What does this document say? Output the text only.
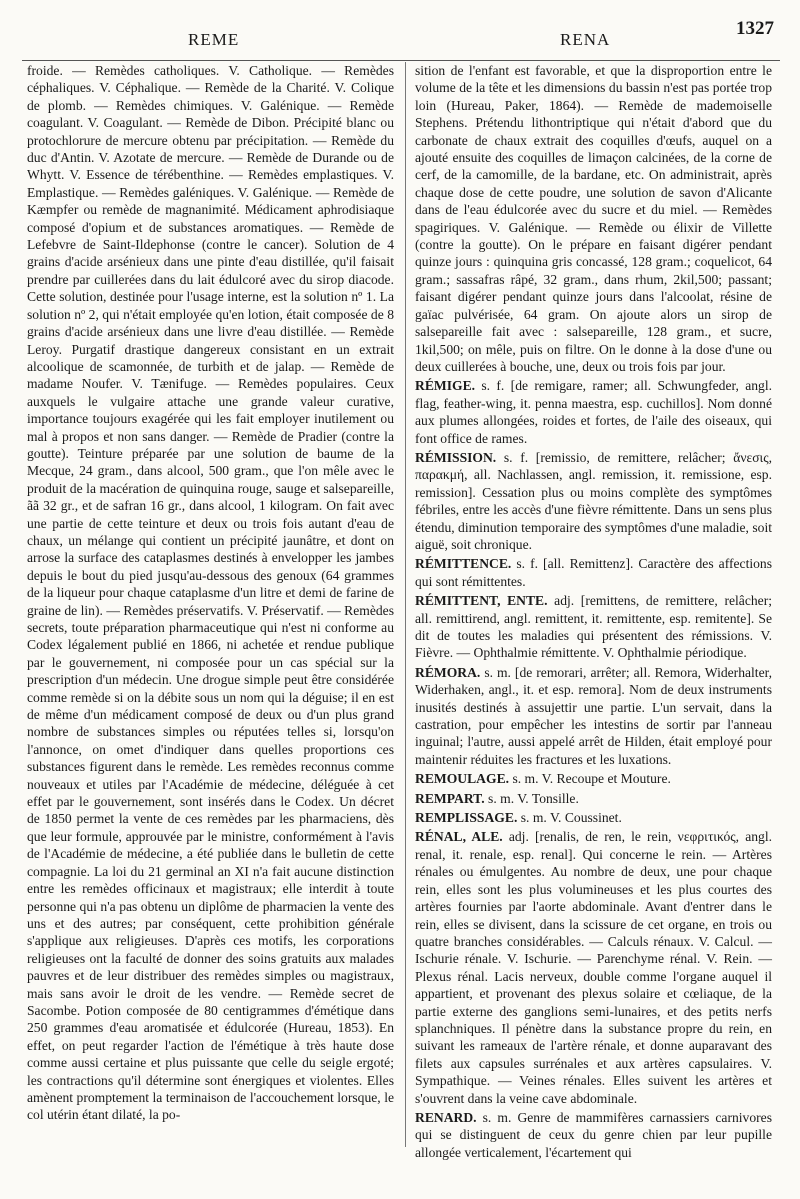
REME	RENA
1327

froide. — Remèdes catholiques. V. Catholique. — Remèdes céphaliques. V. Céphalique. — Remède de la Charité. V. Colique de plomb. — Remèdes chimiques. V. Galénique. — Remède coagulant. V. Coagulant. — Remède de Dibon. Précipité blanc ou protochlorure de mercure obtenu par précipitation. — Remède du duc d'Antin. V. Azotate de mercure. — Remède de Durande ou de Whytt. V. Essence de térébenthine. — Remèdes emplastiques. V. Emplastique. — Remèdes galéniques. V. Galénique. — Remède de Kæmpfer ou remède de magnanimité. Médicament aphrodisiaque composé d'opium et de substances aromatiques. — Remède de Lefebvre de Saint-Ildephonse (contre le cancer). Solution de 4 grains d'acide arsénieux dans une pinte d'eau distillée, qu'il faisait prendre par cuillerées dans du lait édulcoré avec du sirop diacode. Cette solution, destinée pour l'usage interne, est la solution nº 1. La solution nº 2, qui n'était employée qu'en lotion, était composée de 8 grains d'acide arsénieux dans une livre d'eau distillée. — Remède Leroy. Purgatif drastique dangereux consistant en un extrait alcoolique de scamonnée, de turbith et de jalap. — Remède de madame Noufer. V. Tænifuge. — Remèdes populaires. Ceux auxquels le vulgaire attache une grande valeur curative, importance toujours exagérée qui les fait employer inutilement ou mal à propos et non sans danger. — Remède de Pradier (contre la goutte). Teinture préparée par une solution de baume de la Mecque, 24 gram., dans alcool, 500 gram., que l'on mêle avec le produit de la macération de quinquina rouge, sauge et salsepareille, ãã 32 gr., et de safran 16 gr., dans alcool, 1 kilogram. On fait avec une partie de cette teinture et deux ou trois fois autant d'eau de chaux, un mélange qui contient un précipité jaunâtre, et dont on arrose la surface des cataplasmes destinés à envelopper les jambes depuis le bout du pied jusqu'au-dessous des genoux (64 grammes de la liqueur pour chaque cataplasme d'un litre et demi de farine de graine de lin). — Remèdes préservatifs. V. Préservatif. — Remèdes secrets, toute préparation pharmaceutique qui n'est ni conforme au Codex légalement publié en 1866, ni achetée et rendue publique par le gouvernement, ni composée pour un cas spécial sur la prescription d'un médecin. Une drogue simple peut être considérée comme remède si on la débite sous un nom qui la déguise; il en est de même d'un médicament composé de deux ou d'un plus grand nombre de substances simples ou réputées telles si, lorsqu'on l'annonce, on omet d'indiquer dans quelles proportions ces substances figurent dans le remède. Les remèdes reconnus comme nouveaux et utiles par l'Académie de médecine, déléguée à cet effet par le gouvernement, sont insérés dans le Codex. Un décret de 1850 permet la vente de ces remèdes par les pharmaciens, dès que leur formule, approuvée par le ministre, conformément à l'avis de l'Académie de médecine, a été publiée dans le bulletin de cette compagnie. La loi du 21 germinal an XI n'a fait aucune distinction entre les remèdes officinaux et magistraux; elle interdit à toute personne qui n'a pas obtenu un diplôme de pharmacien la vente des uns et des autres; par conséquent, cette prohibition générale s'applique aux religieuses. D'après ces motifs, les corporations religieuses ont la faculté de donner des soins gratuits aux malades pauvres et de leur distribuer des remèdes simples ou magistraux, mais sans avoir le droit de les vendre. — Remède secret de Sacombe. Potion composée de 80 centigrammes d'émétique dans 250 grammes d'eau aromatisée et édulcorée (Hureau, 1853). En effet, on peut regarder l'action de l'émétique à très haute dose comme aussi certaine et plus puissante que celle du seigle ergoté; les contractions qu'il détermine sont énergiques et violentes. Elles amènent promptement la terminaison de l'accouchement lorsque, le col utérin étant dilaté, la po-

sition de l'enfant est favorable, et que la disproportion entre le volume de la tête et les dimensions du bassin n'est pas portée trop loin (Hureau, Paker, 1864). — Remède de mademoiselle Stephens. Prétendu lithontriptique qui n'était d'abord que du carbonate de chaux extrait des coquilles d'œufs, auquel on a ajouté ensuite des coquilles de limaçon calcinées, de la corne de cerf, de la camomille, de la bardane, etc. On administrait, après chaque dose de cette poudre, une solution de savon d'Alicante dans de l'eau édulcorée avec du sucre et du miel. — Remèdes spagiriques. V. Galénique. — Remède ou élixir de Villette (contre la goutte). On le prépare en faisant digérer pendant quinze jours : quinquina gris concassé, 128 gram.; coquelicot, 64 gram.; sassafras râpé, 32 gram., dans rhum, 2kil,500; passant; faisant digérer pendant quinze jours dans l'alcoolat, résine de gaïac pulvérisée, 64 gram. On ajoute alors un sirop de salsepareille fait avec : salsepareille, 128 gram., et sucre, 1kil,500; on mêle, puis on filtre. On le donne à la dose d'une ou deux cuillerées à bouche, une, deux ou trois fois par jour.

RÉMIGE. s. f. [de remigare, ramer; all. Schwungfeder, angl. flag, feather-wing, it. penna maestra, esp. cuchillos]. Nom donné aux plumes allongées, roides et fortes, de l'aile des oiseaux, qui font office de rames.

RÉMISSION. s. f. [remissio, de remittere, relâcher; ἄνεσις, παρακμή, all. Nachlassen, angl. remission, it. remissione, esp. remission]. Cessation plus ou moins complète des symptômes fébriles, entre les accès d'une fièvre rémittente. Dans un sens plus étendu, diminution temporaire des symptômes d'une maladie, soit aiguë, soit chronique.

RÉMITTENCE. s. f. [all. Remittenz]. Caractère des affections qui sont rémittentes.

RÉMITTENT, ENTE. adj. [remittens, de remittere, relâcher; all. remittirend, angl. remittent, it. remittente, esp. remitente]. Se dit de toutes les maladies qui présentent des rémissions. V. Fièvre. — Ophthalmie rémittente. V. Ophthalmie périodique.

RÉMORA. s. m. [de remorari, arrêter; all. Remora, Widerhalter, Widerhaken, angl., it. et esp. remora]. Nom de deux instruments inusités destinés à assujettir une partie. L'un servait, dans la castration, pour empêcher les intestins de sortir par l'anneau inguinal; l'autre, aussi appelé arrêt de Hilden, était employé pour maintenir réduites les fractures et les luxations.

REMOULAGE. s. m. V. Recoupe et Mouture.

REMPART. s. m. V. Tonsille.

REMPLISSAGE. s. m. V. Coussinet.

RÉNAL, ALE. adj. [renalis, de ren, le rein, νεφριτικός, angl. renal, it. renale, esp. renal]. Qui concerne le rein. — Artères rénales ou émulgentes. Au nombre de deux, une pour chaque rein, elles sont les plus volumineuses et les plus courtes des artères fournies par l'aorte abdominale. Avant d'entrer dans le rein, elles se divisent, dans la scissure de cet organe, en trois ou quatre branches considérables. — Calculs rénaux. V. Calcul. — Ischurie rénale. V. Ischurie. — Parenchyme rénal. V. Rein. — Plexus rénal. Lacis nerveux, double comme l'organe auquel il appartient, et provenant des plexus solaire et cœliaque, de la partie externe des ganglions semi-lunaires, et des petits nerfs splanchniques. Il pénètre dans la substance propre du rein, en suivant les rameaux de l'artère rénale, et donne auparavant des filets aux capsules surrénales et aux artères capsulaires. V. Sympathique. — Veines rénales. Elles suivent les artères et s'ouvrent dans la veine cave abdominale.

RENARD. s. m. Genre de mammifères carnassiers carnivores qui se distinguent de ceux du genre chien par leur pupille allongée verticalement, l'écartement qui
